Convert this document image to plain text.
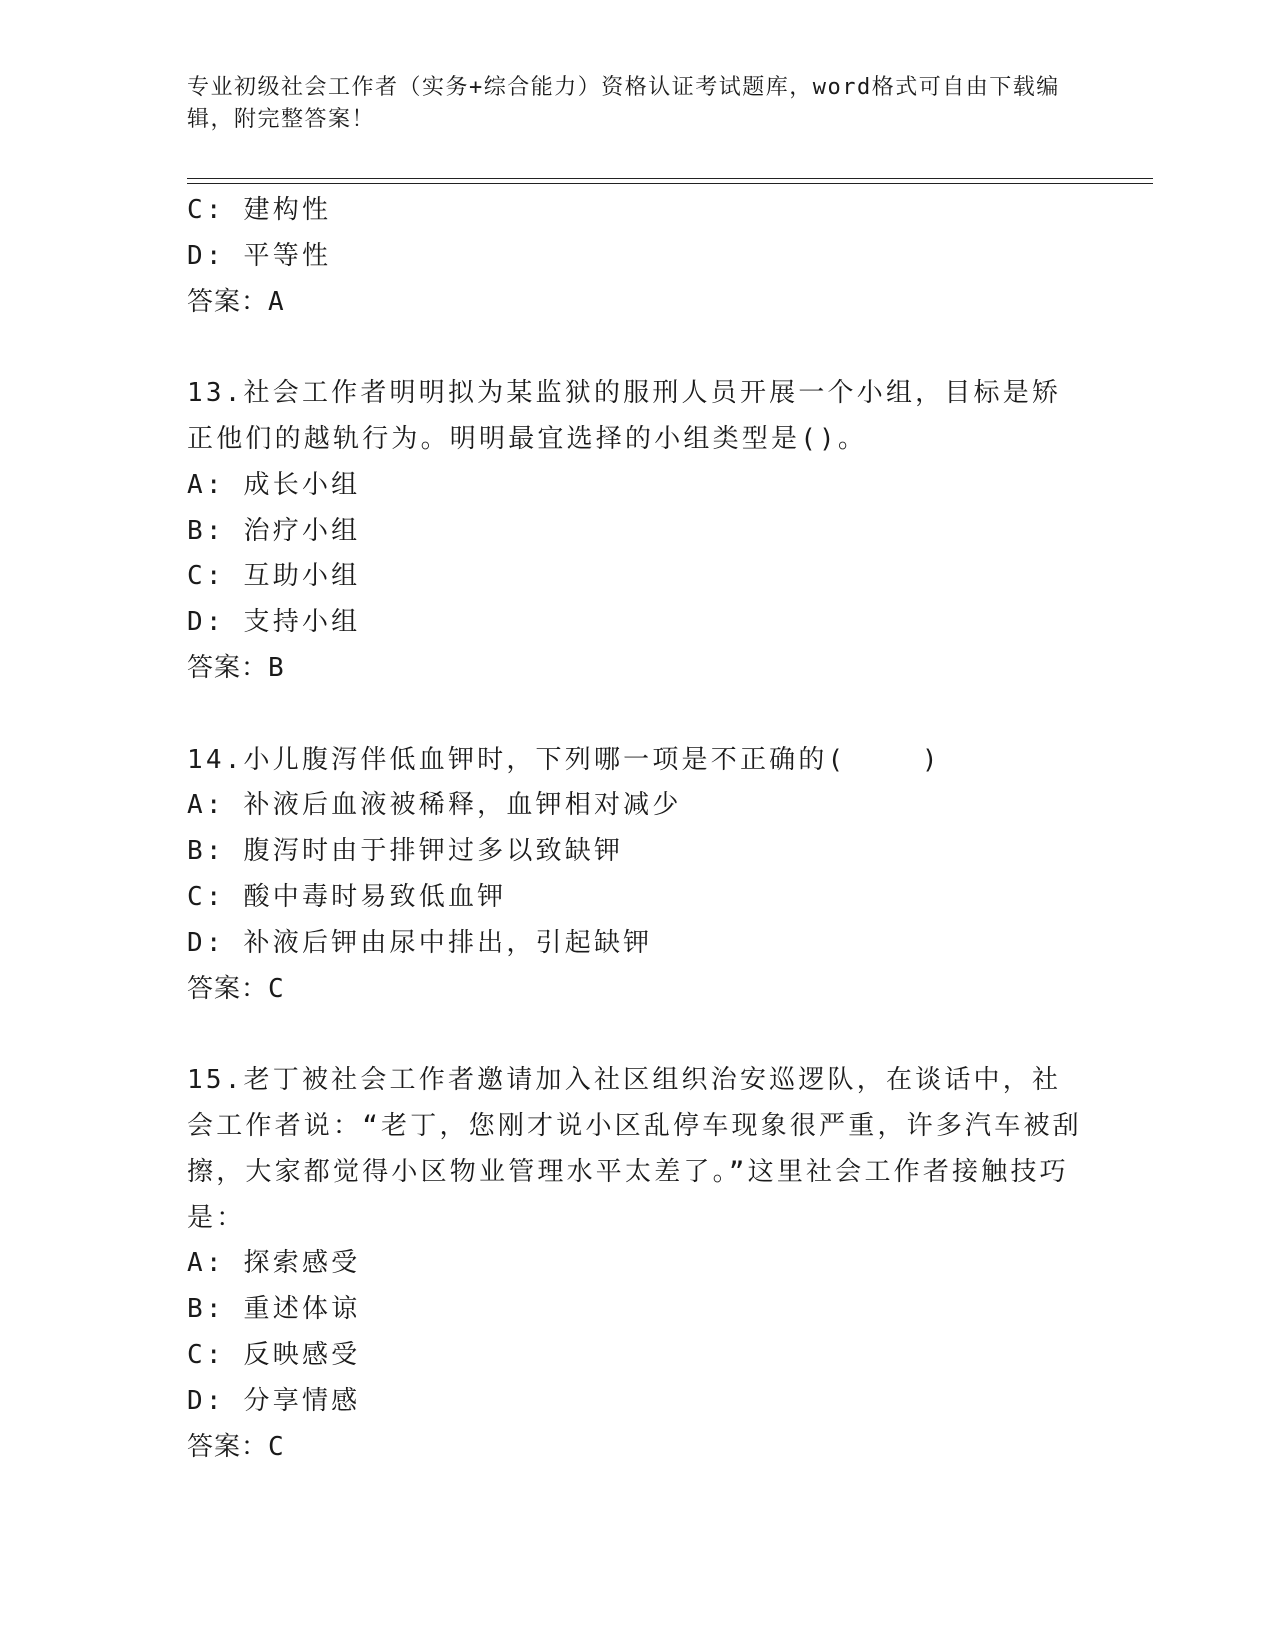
专业初级社会工作者（实务+综合能力）资格认证考试题库，word格式可自由下载编辑，附完整答案！
C: 建构性
D: 平等性
答案：A
13.社会工作者明明拟为某监狱的服刑人员开展一个小组，目标是矫正他们的越轨行为。明明最宜选择的小组类型是()。
A: 成长小组
B: 治疗小组
C: 互助小组
D: 支持小组
答案：B
14.小儿腹泻伴低血钾时，下列哪一项是不正确的(    )
A: 补液后血液被稀释，血钾相对减少
B: 腹泻时由于排钾过多以致缺钾
C: 酸中毒时易致低血钾
D: 补液后钾由尿中排出，引起缺钾
答案：C
15.老丁被社会工作者邀请加入社区组织治安巡逻队，在谈话中，社会工作者说：“老丁，您刚才说小区乱停车现象很严重，许多汽车被刮擦，大家都觉得小区物业管理水平太差了。”这里社会工作者接触技巧是：
A: 探索感受
B: 重述体谅
C: 反映感受
D: 分享情感
答案：C
